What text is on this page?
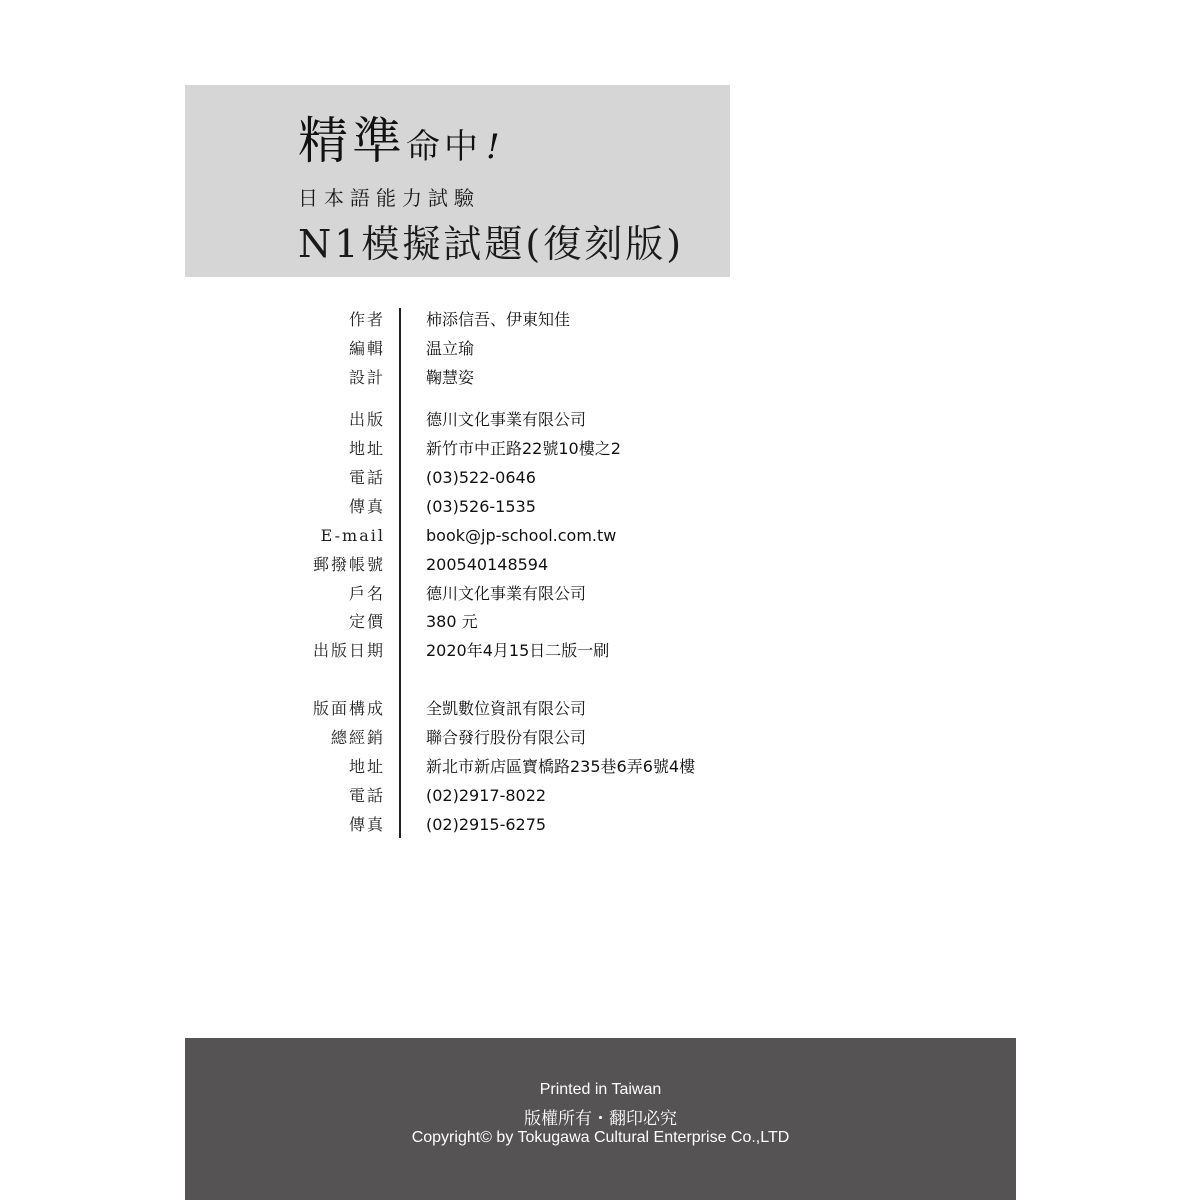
精準命中 !
日本語能力試驗
N1模擬試題(復刻版)
作者	柿添信吾、伊東知佳
編輯	温立瑜
設計	鞠慧姿
出版	德川文化事業有限公司
地址	新竹市中正路22號10樓之2
電話	(03)522-0646
傳真	(03)526-1535
E-mail	book@jp-school.com.tw
郵撥帳號	200540148594
戶名	德川文化事業有限公司
定價	380 元
出版日期	2020年4月15日二版一刷
版面構成	全凱數位資訊有限公司
總經銷	聯合發行股份有限公司
地址	新北市新店區寶橋路235巷6弄6號4樓
電話	(02)2917-8022
傳真	(02)2915-6275
Printed in Taiwan
版權所有・翻印必究
Copyright© by Tokugawa Cultural Enterprise Co.,LTD
